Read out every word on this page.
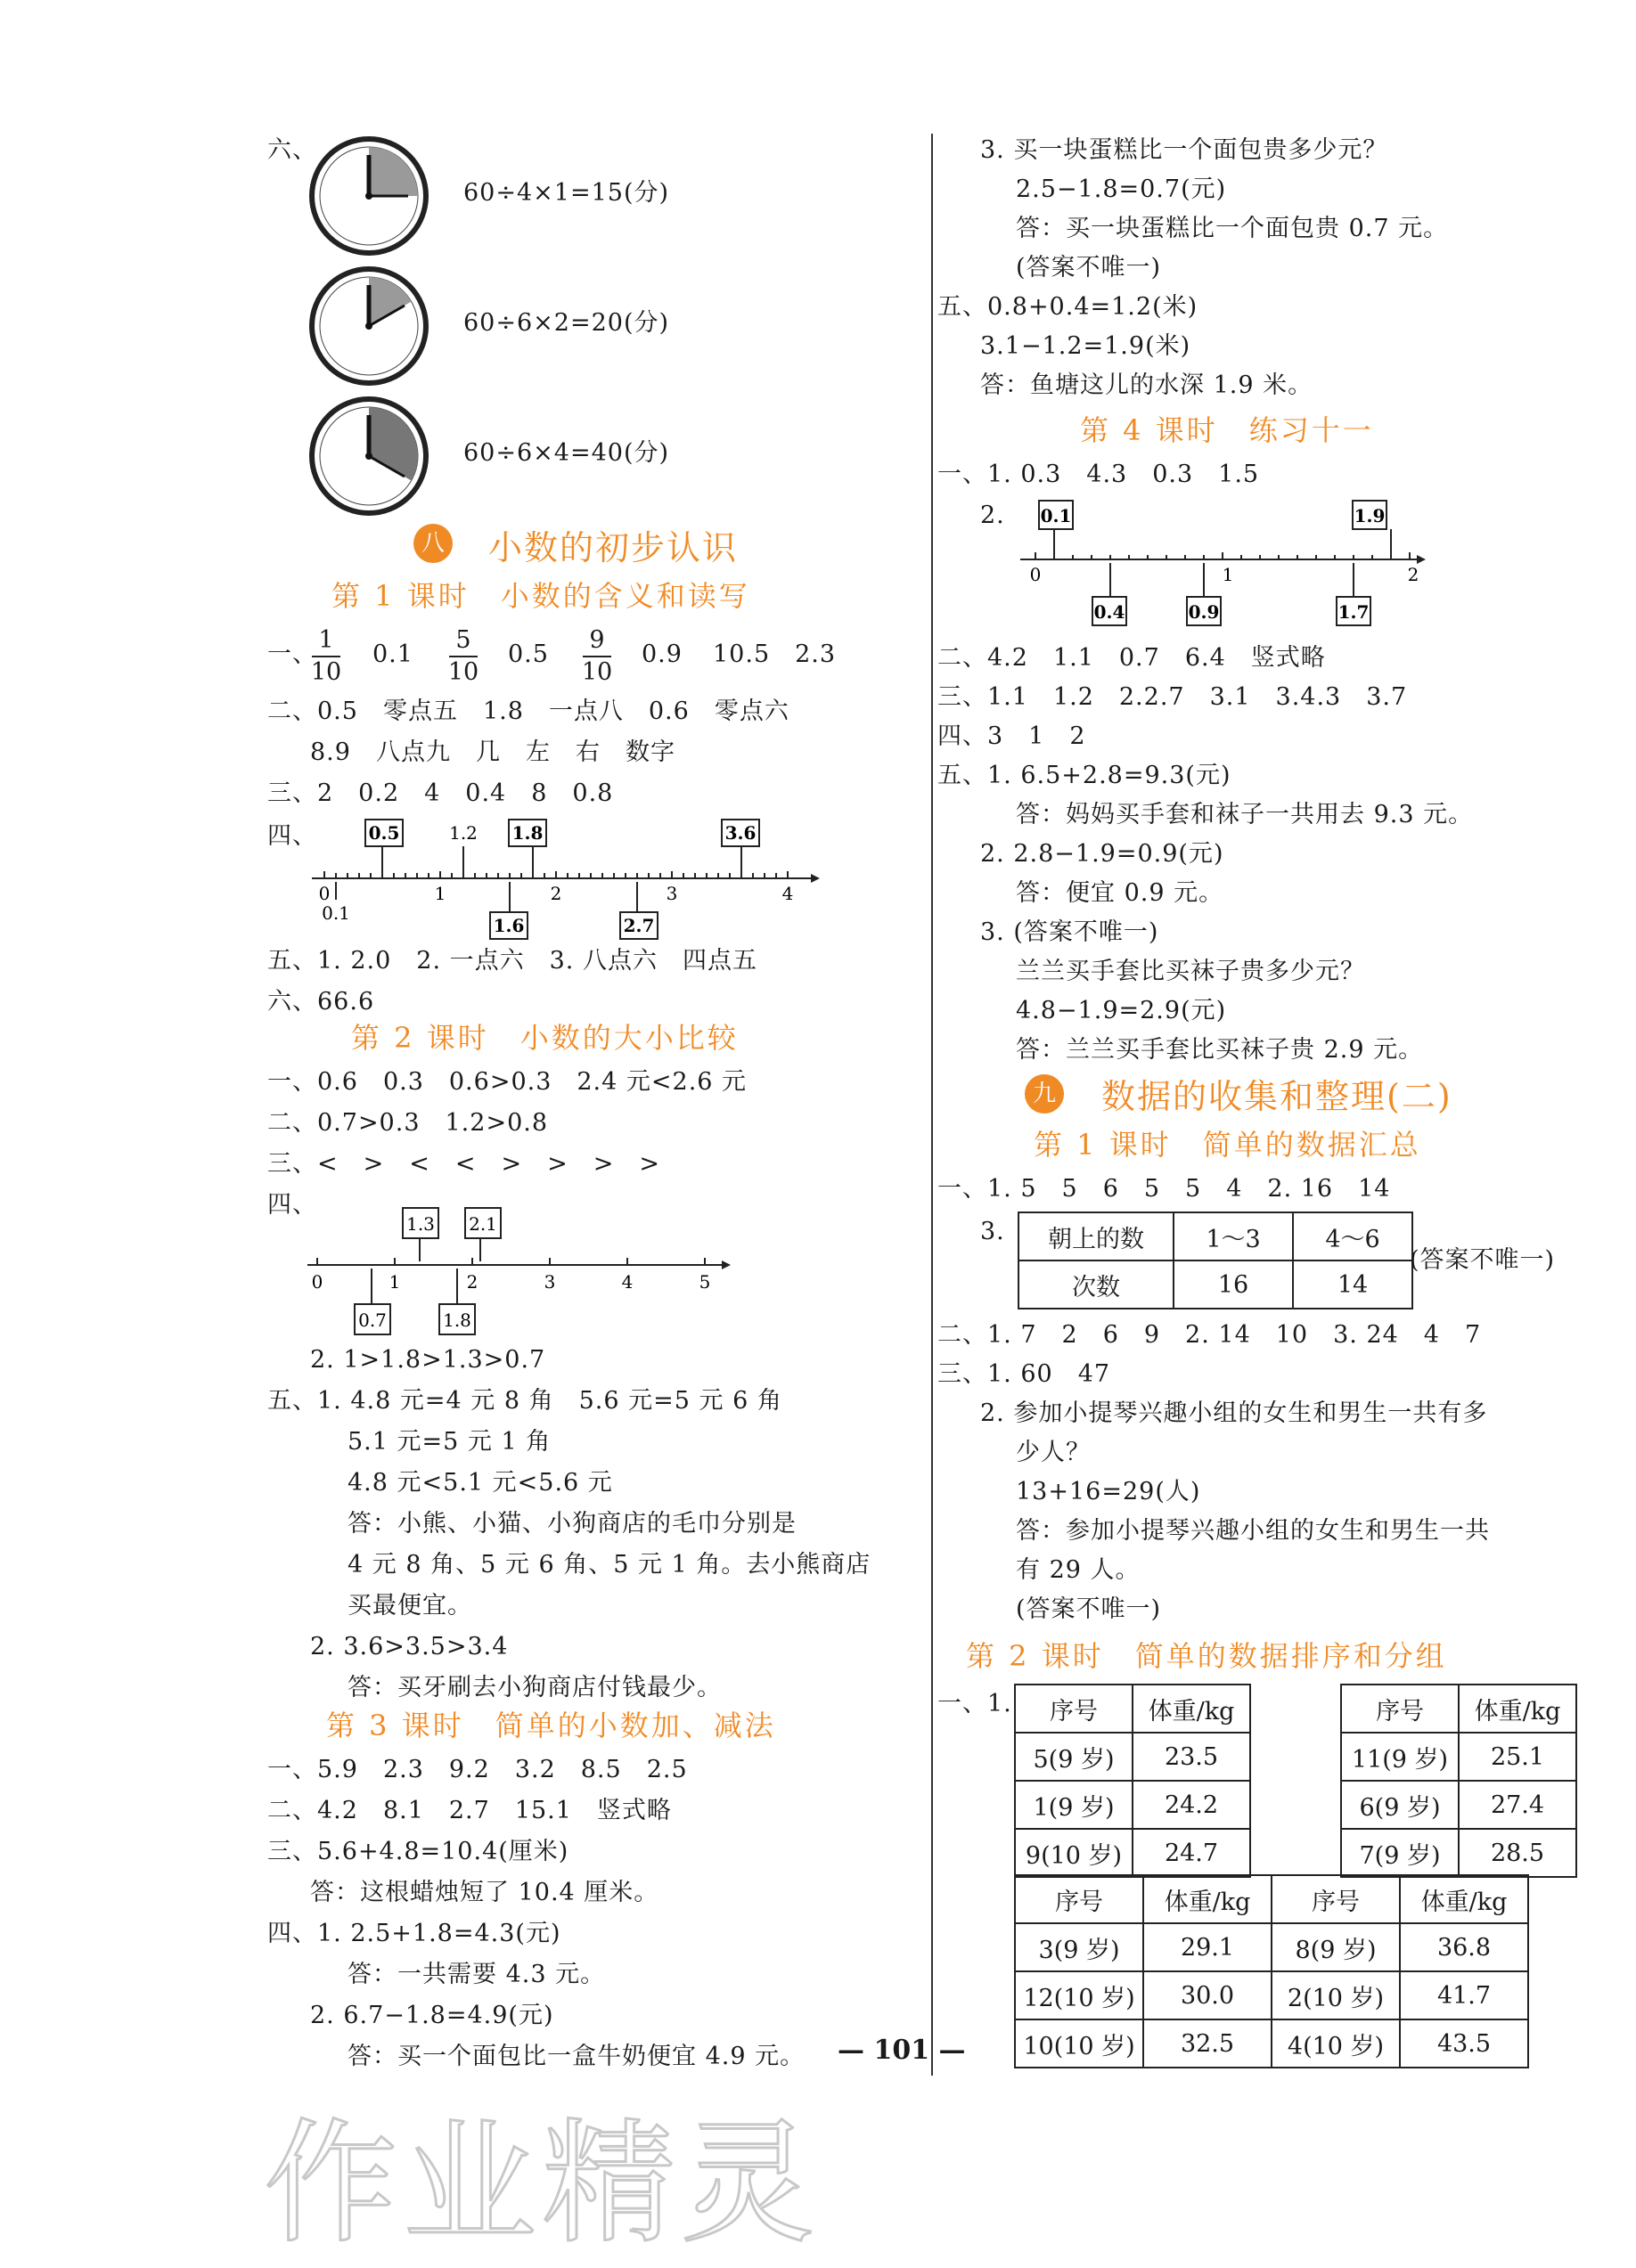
六、
60÷4×1=15(分)
60÷6×2=20(分)
60÷6×4=40(分)
八 小数的初步认识
第 1 课时　小数的含义和读写
一、
1
10
0.1
5
10
0.5
9
10
0.9 10.5　2.3
二、0.5　零点五　1.8　一点八　0.6　零点六
8.9　八点九　几　左　右　数字
三、2　0.2　4　0.4　8　0.8
四、
0	1	2	3	4
0.1
0.5	1.2 1.8	3.6
1.6	2.7
五、1. 2.0　2. 一点六　3. 八点六　四点五
六、66.6
第 2 课时　小数的大小比较
一、0.6　0.3　0.6>0.3　2.4 元<2.6 元
二、0.7>0.3　1.2>0.8
三、<　>　<　<　>　>　>　>
四、
0	1	2	3	4	5
1.3 2.1
0.7	1.8
2. 1>1.8>1.3>0.7
五、1. 4.8 元=4 元 8 角　5.6 元=5 元 6 角
5.1 元=5 元 1 角
4.8 元<5.1 元<5.6 元
答：小熊、小猫、小狗商店的毛巾分别是
4 元 8 角、5 元 6 角、5 元 1 角。去小熊商店
买最便宜。
2. 3.6>3.5>3.4
答：买牙刷去小狗商店付钱最少。
第 3 课时　简单的小数加、减法
一、5.9　2.3　9.2　3.2　8.5　2.5
二、4.2　8.1　2.7　15.1　竖式略
三、5.6+4.8=10.4(厘米)
答：这根蜡烛短了 10.4 厘米。
四、1. 2.5+1.8=4.3(元)
答：一共需要 4.3 元。
2. 6.7−1.8=4.9(元)
答：买一个面包比一盒牛奶便宜 4.9 元。
3. 买一块蛋糕比一个面包贵多少元？
2.5−1.8=0.7(元)
答：买一块蛋糕比一个面包贵 0.7 元。
(答案不唯一)
五、0.8+0.4=1.2(米)
3.1−1.2=1.9(米)
答：鱼塘这儿的水深 1.9 米。
第 4 课时　练习十一
一、1. 0.3　4.3　0.3　1.5
2.
0	1	2
0.1	1.9
0.4	0.9	1.7
二、4.2　1.1　0.7　6.4　竖式略
三、1.1　1.2　2.2.7　3.1　3.4.3　3.7
四、3　1　2
五、1. 6.5+2.8=9.3(元)
答：妈妈买手套和袜子一共用去 9.3 元。
2. 2.8−1.9=0.9(元)
答：便宜 0.9 元。
3. (答案不唯一)
兰兰买手套比买袜子贵多少元？
4.8−1.9=2.9(元)
答：兰兰买手套比买袜子贵 2.9 元。
九 数据的收集和整理(二)
第 1 课时　简单的数据汇总
一、1. 5　5　6　5　5　4　2. 16　14
3. 朝上的数	1～3	4～6
次数	16	14
(答案不唯一)
二、1. 7　2　6　9　2. 14　10　3. 24　4　7
三、1. 60　47
2. 参加小提琴兴趣小组的女生和男生一共有多
少人？
13+16=29(人)
答：参加小提琴兴趣小组的女生和男生一共
有 29 人。
(答案不唯一)
第 2 课时　简单的数据排序和分组
一、1. 序号	体重/kg
5(9 岁)	23.5
1(9 岁)	24.2
9(10 岁)	24.7
序号	体重/kg
11(9 岁)	25.1
6(9 岁)	27.4
7(9 岁)	28.5
序号	体重/kg	序号	体重/kg
3(9 岁)	29.1	8(9 岁)	36.8
12(10 岁)	30.0	2(10 岁)	41.7
10(10 岁)	32.5	4(10 岁)	43.5
— 101 —
作业精灵
